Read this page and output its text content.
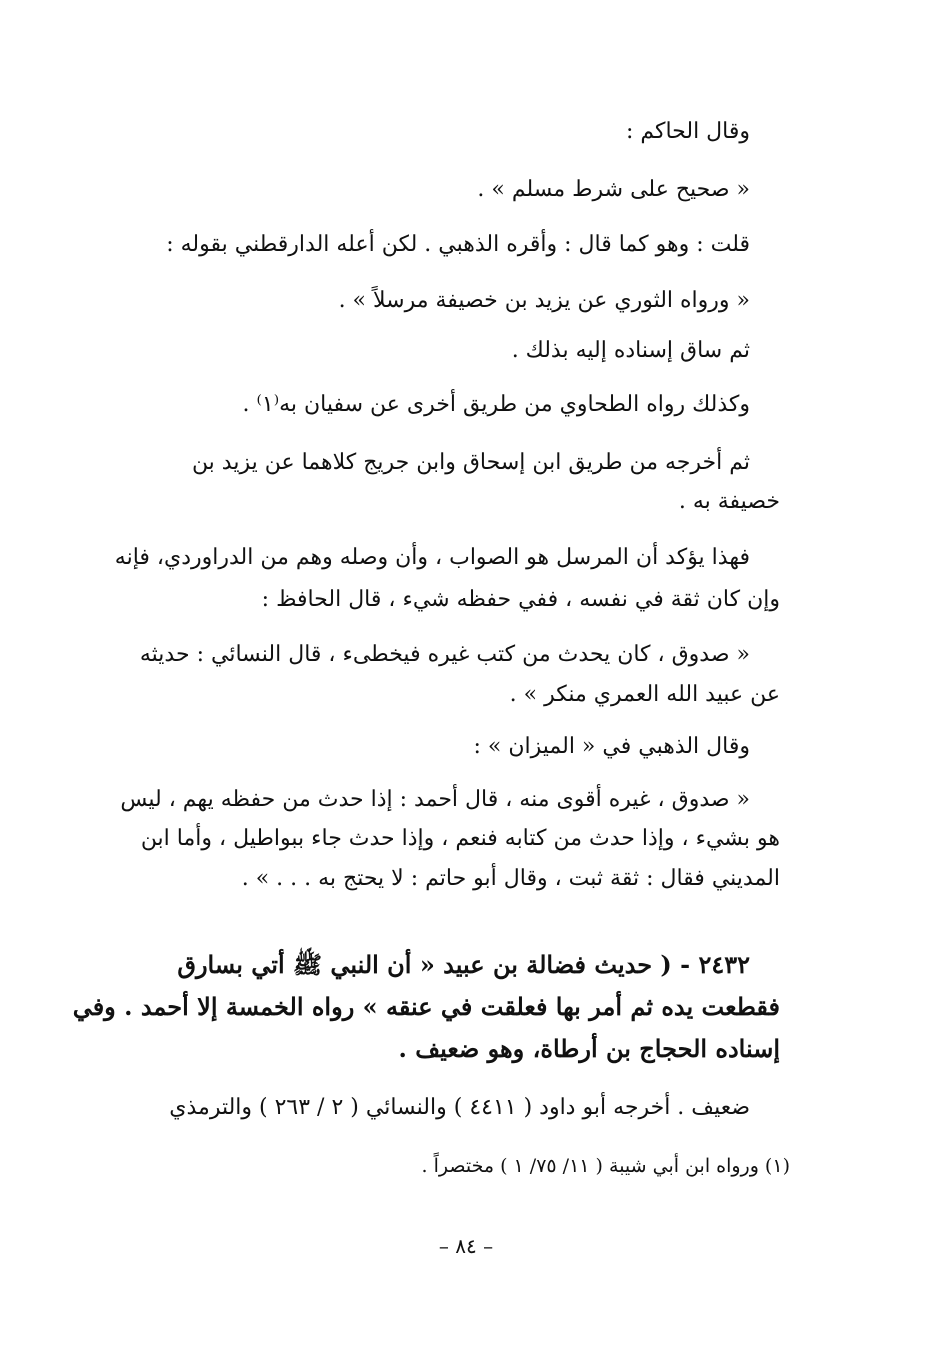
وقال الحاكم :
« صحيح على شرط مسلم » .
قلت : وهو كما قال : وأقره الذهبي . لكن أعله الدارقطني بقوله :
« ورواه الثوري عن يزيد بن خصيفة مرسلاً » .
ثم ساق إسناده إليه بذلك .
وكذلك رواه الطحاوي من طريق أخرى عن سفيان به⁽١⁾ .
ثم أخرجه من طريق ابن إسحاق وابن جريج كلاهما عن يزيد بن
خصيفة به .
فهذا يؤكد أن المرسل هو الصواب ، وأن وصله وهم من الدراوردي، فإنه
وإن كان ثقة في نفسه ، ففي حفظه شيء ، قال الحافظ :
« صدوق ، كان يحدث من كتب غيره فيخطىء ، قال النسائي : حديثه
عن عبيد الله العمري منكر » .
وقال الذهبي في « الميزان » :
« صدوق ، غيره أقوى منه ، قال أحمد : إذا حدث من حفظه يهم ، ليس
هو بشيء ، وإذا حدث من كتابه فنعم ، وإذا حدث جاء ببواطيل ، وأما ابن
المديني فقال : ثقة ثبت ، وقال أبو حاتم : لا يحتج به . . . » .
٢٤٣٢ - ( حديث فضالة بن عبيد « أن النبي ﷺ أتي بسارق
فقطعت يده ثم أمر بها فعلقت في عنقه » رواه الخمسة إلا أحمد . وفي
إسناده الحجاج بن أرطاة، وهو ضعيف .
ضعيف . أخرجه أبو داود ( ٤٤١١ ) والنسائي ( ٢ / ٢٦٣ ) والترمذي
(١) ورواه ابن أبي شيبة ( ١١/ ٧٥/ ١ ) مختصراً .
– ٨٤ –
